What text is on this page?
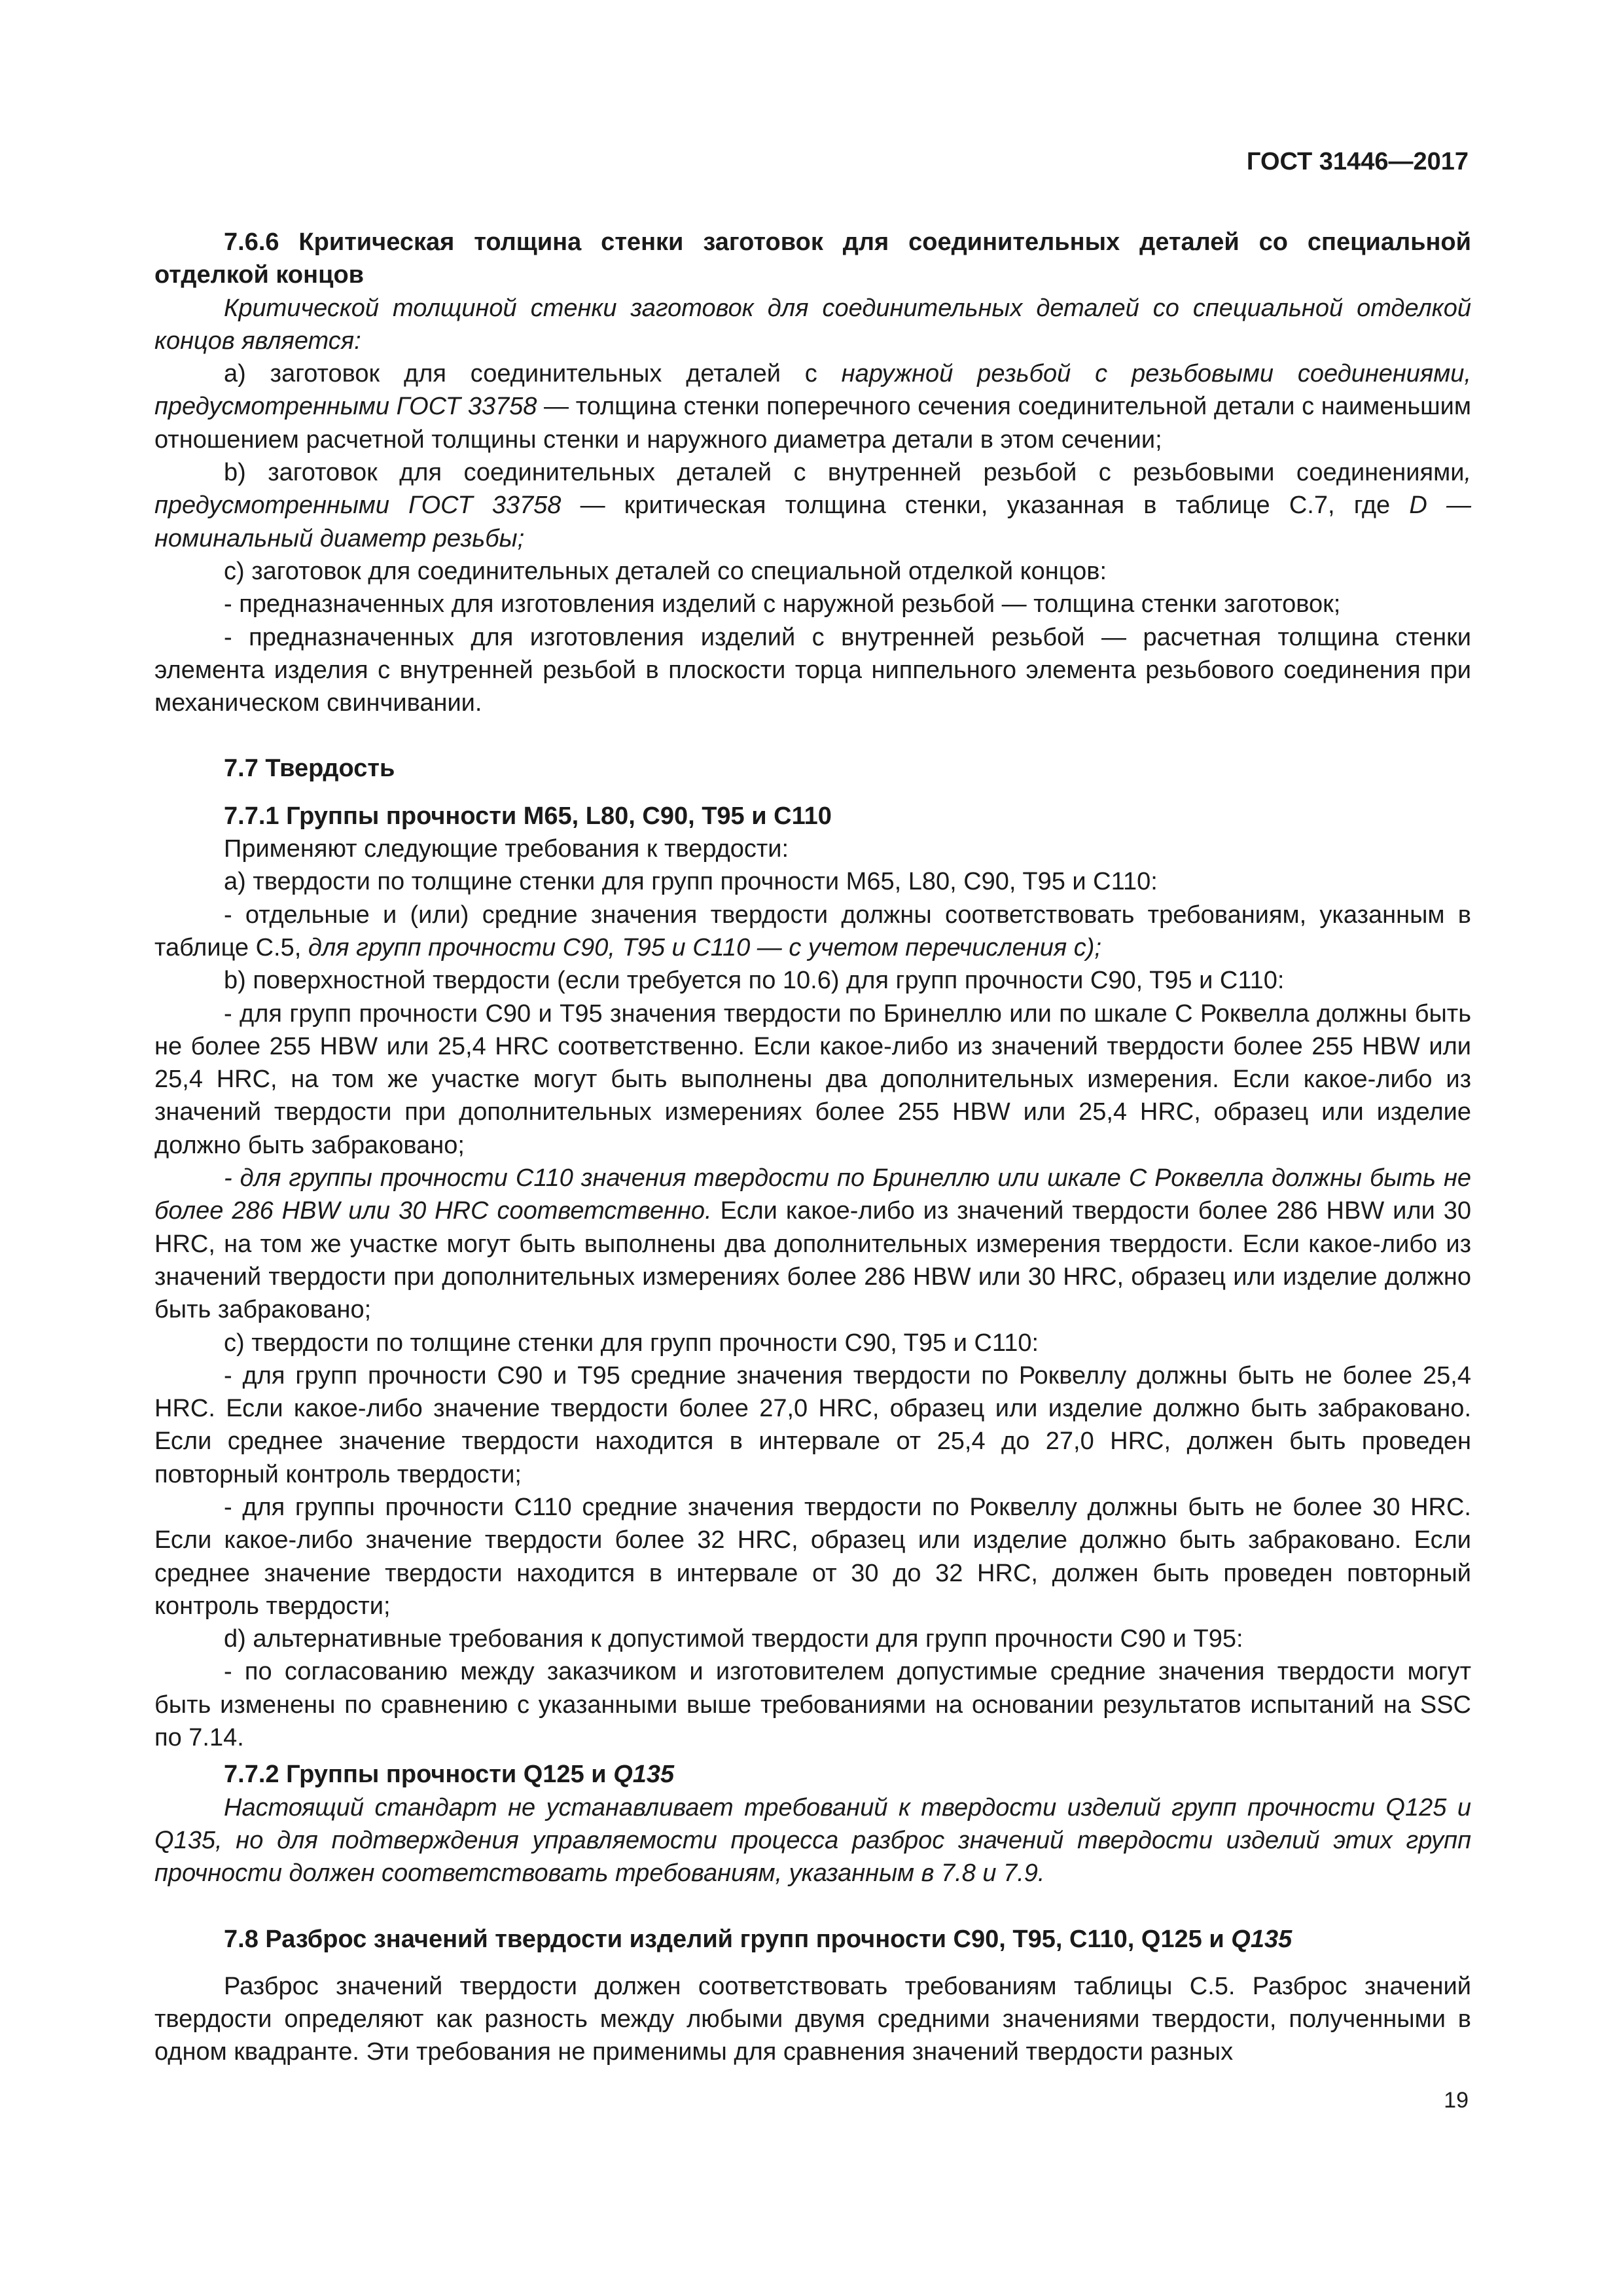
ГОСТ 31446—2017

7.6.6 Критическая толщина стенки заготовок для соединительных деталей со специальной отделкой концов

Критической толщиной стенки заготовок для соединительных деталей со специальной отделкой концов является:

а) заготовок для соединительных деталей с наружной резьбой с резьбовыми соединениями, предусмотренными ГОСТ 33758 — толщина стенки поперечного сечения соединительной детали с наименьшим отношением расчетной толщины стенки и наружного диаметра детали в этом сечении;

b) заготовок для соединительных деталей с внутренней резьбой с резьбовыми соединениями, предусмотренными ГОСТ 33758 — критическая толщина стенки, указанная в таблице С.7, где D — номинальный диаметр резьбы;

с) заготовок для соединительных деталей со специальной отделкой концов:

- предназначенных для изготовления изделий с наружной резьбой — толщина стенки заготовок;

- предназначенных для изготовления изделий с внутренней резьбой — расчетная толщина стенки элемента изделия с внутренней резьбой в плоскости торца ниппельного элемента резьбового соединения при механическом свинчивании.

7.7 Твердость

7.7.1 Группы прочности M65, L80, C90, T95 и C110

Применяют следующие требования к твердости:

а) твердости по толщине стенки для групп прочности M65, L80, C90, T95 и C110:

- отдельные и (или) средние значения твердости должны соответствовать требованиям, указанным в таблице С.5, для групп прочности C90, T95 и C110 — с учетом перечисления с);

b) поверхностной твердости (если требуется по 10.6) для групп прочности C90, T95 и C110:

- для групп прочности C90 и T95 значения твердости по Бринеллю или по шкале С Роквелла должны быть не более 255 HBW или 25,4 HRC соответственно. Если какое-либо из значений твердости более 255 HBW или 25,4 HRC, на том же участке могут быть выполнены два дополнительных измерения. Если какое-либо из значений твердости при дополнительных измерениях более 255 HBW или 25,4 HRC, образец или изделие должно быть забраковано;

- для группы прочности C110 значения твердости по Бринеллю или шкале С Роквелла должны быть не более 286 HBW или 30 HRC соответственно. Если какое-либо из значений твердости более 286 HBW или 30 HRC, на том же участке могут быть выполнены два дополнительных измерения твердости. Если какое-либо из значений твердости при дополнительных измерениях более 286 HBW или 30 HRC, образец или изделие должно быть забраковано;

с) твердости по толщине стенки для групп прочности C90, T95 и C110:

- для групп прочности C90 и T95 средние значения твердости по Роквеллу должны быть не более 25,4 HRC. Если какое-либо значение твердости более 27,0 HRC, образец или изделие должно быть забраковано. Если среднее значение твердости находится в интервале от 25,4 до 27,0 HRC, должен быть проведен повторный контроль твердости;

- для группы прочности C110 средние значения твердости по Роквеллу должны быть не более 30 HRC. Если какое-либо значение твердости более 32 HRC, образец или изделие должно быть забраковано. Если среднее значение твердости находится в интервале от 30 до 32 HRC, должен быть проведен повторный контроль твердости;

d) альтернативные требования к допустимой твердости для групп прочности C90 и T95:

- по согласованию между заказчиком и изготовителем допустимые средние значения твердости могут быть изменены по сравнению с указанными выше требованиями на основании результатов испытаний на SSC по 7.14.

7.7.2 Группы прочности Q125 и Q135

Настоящий стандарт не устанавливает требований к твердости изделий групп прочности Q125 и Q135, но для подтверждения управляемости процесса разброс значений твердости изделий этих групп прочности должен соответствовать требованиям, указанным в 7.8 и 7.9.

7.8 Разброс значений твердости изделий групп прочности C90, T95, C110, Q125 и Q135

Разброс значений твердости должен соответствовать требованиям таблицы С.5. Разброс значений твердости определяют как разность между любыми двумя средними значениями твердости, полученными в одном квадранте. Эти требования не применимы для сравнения значений твердости разных

19
